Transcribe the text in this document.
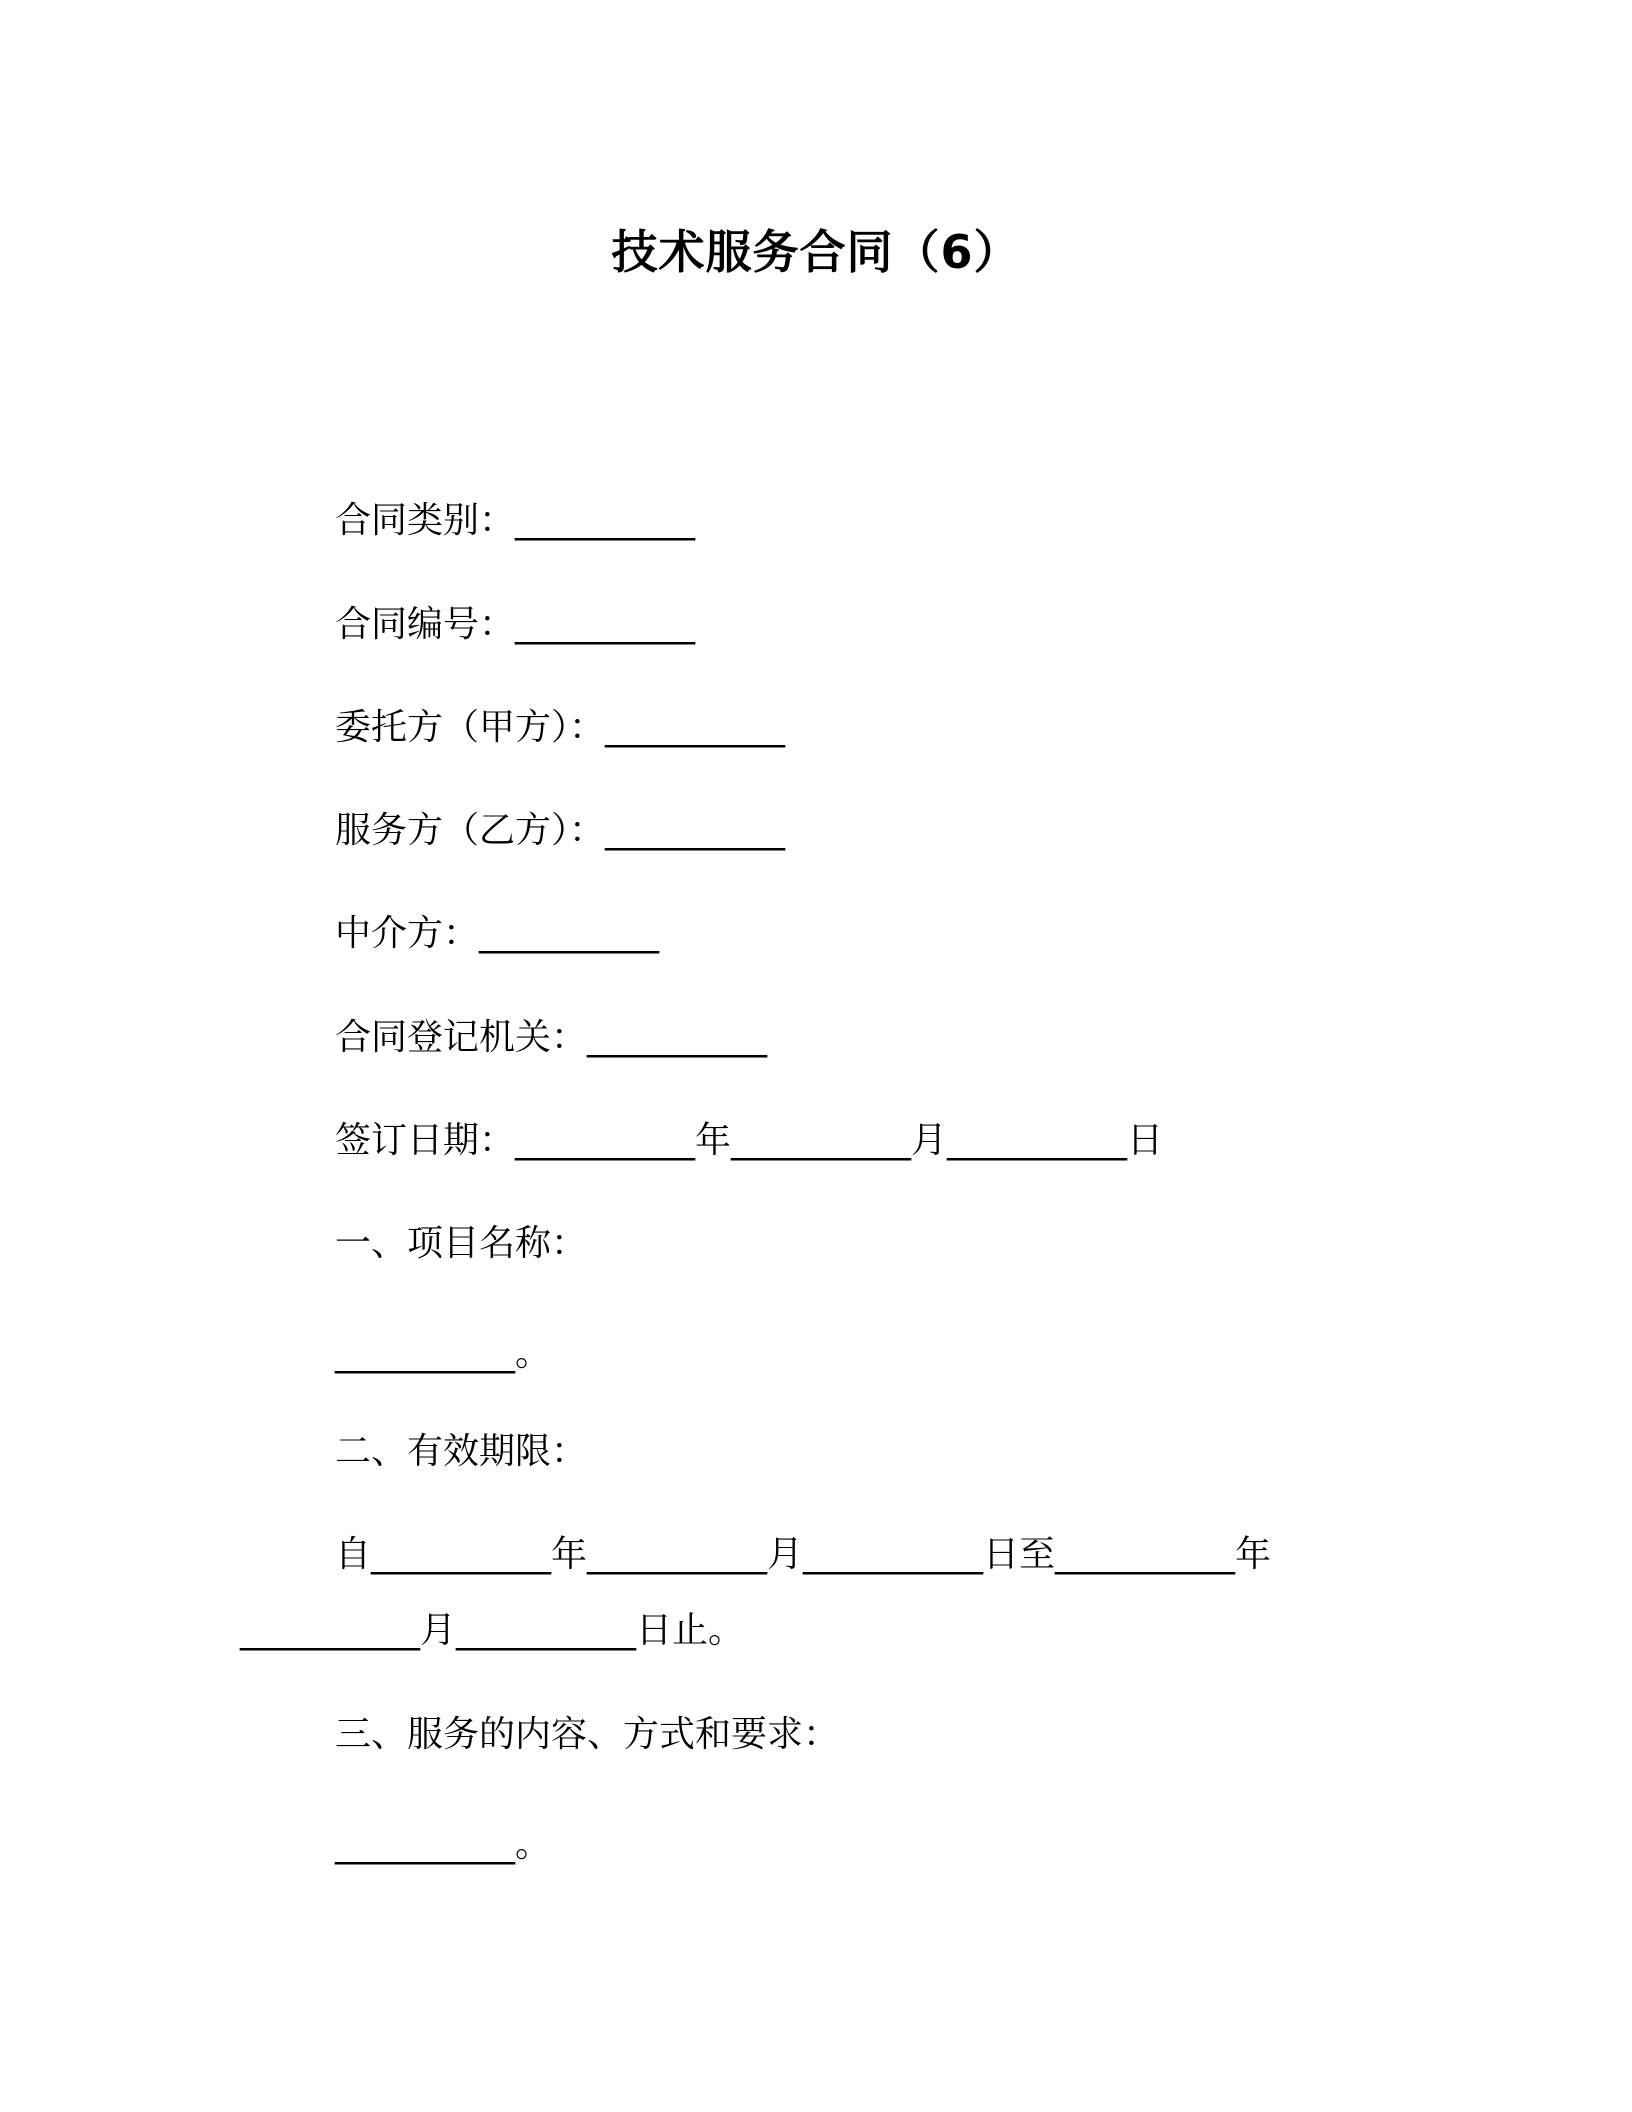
技术服务合同（6）
合同类别：__________
合同编号：__________
委托方（甲方）：__________
服务方（乙方）：__________
中介方：__________
合同登记机关：__________
签订日期：__________年__________月__________日
一、项目名称：
__________。
二、有效期限：
自__________年__________月__________日至__________年
__________月__________日止。
三、服务的内容、方式和要求：
__________。
